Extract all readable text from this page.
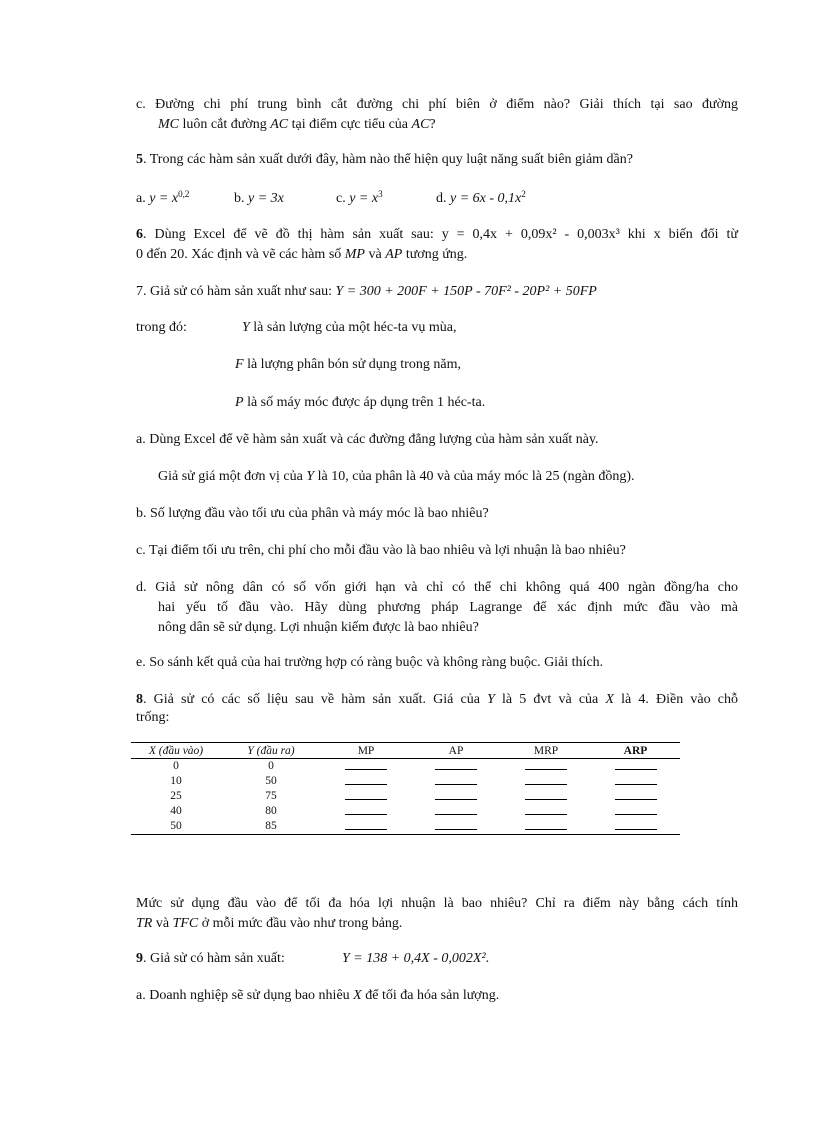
c. Đường chi phí trung bình cắt đường chi phí biên ở điểm nào? Giải thích tại sao đường
MC luôn cắt đường AC tại điểm cực tiểu của AC?
5. Trong các hàm sản xuất dưới đây, hàm nào thể hiện quy luật năng suất biên giảm dần?
a. $y = x^{0,2}$	b. y = 3x	c. $y = x^3$	d. $y = 6x - 0,1x^2$
6. Dùng Excel để vẽ đồ thị hàm sản xuất sau: y = 0,4x + 0,09x² - 0,003x³ khi x biến đổi từ
0 đến 20. Xác định và vẽ các hàm số MP và AP tương ứng.
7. Giả sử có hàm sản xuất như sau: Y = 300 + 200F + 150P - 70F² - 20P² + 50FP
trong đó:	Y là sản lượng của một héc-ta vụ mùa,
F là lượng phân bón sử dụng trong năm,
P là số máy móc được áp dụng trên 1 héc-ta.
a. Dùng Excel để vẽ hàm sản xuất và các đường đẳng lượng của hàm sản xuất này.
Giả sử giá một đơn vị của Y là 10, của phân là 40 và của máy móc là 25 (ngàn đồng).
b. Số lượng đầu vào tối ưu của phân và máy móc là bao nhiêu?
c. Tại điểm tối ưu trên, chi phí cho mỗi đầu vào là bao nhiêu và lợi nhuận là bao nhiêu?
d. Giả sử nông dân có số vốn giới hạn và chỉ có thể chi không quá 400 ngàn đồng/ha cho
hai yếu tố đầu vào. Hãy dùng phương pháp Lagrange để xác định mức đầu vào mà
nông dân sẽ sử dụng. Lợi nhuận kiếm được là bao nhiêu?
e. So sánh kết quả của hai trường hợp có ràng buộc và không ràng buộc. Giải thích.
8. Giả sử có các số liệu sau về hàm sản xuất. Giá của Y là 5 đvt và của X là 4. Điền vào chỗ
trống:
X (đầu vào)	Y (đầu ra)	MP	AP	MRP	ARP
0	0				
10	50				
25	75				
40	80				
50	85				
Mức sử dụng đầu vào để tối đa hóa lợi nhuận là bao nhiêu? Chỉ ra điểm này bằng cách tính
TR và TFC ở mỗi mức đầu vào như trong bảng.
9. Giả sử có hàm sản xuất:	Y = 138 + 0,4X - 0,002X².
a. Doanh nghiệp sẽ sử dụng bao nhiêu X để tối đa hóa sản lượng.
